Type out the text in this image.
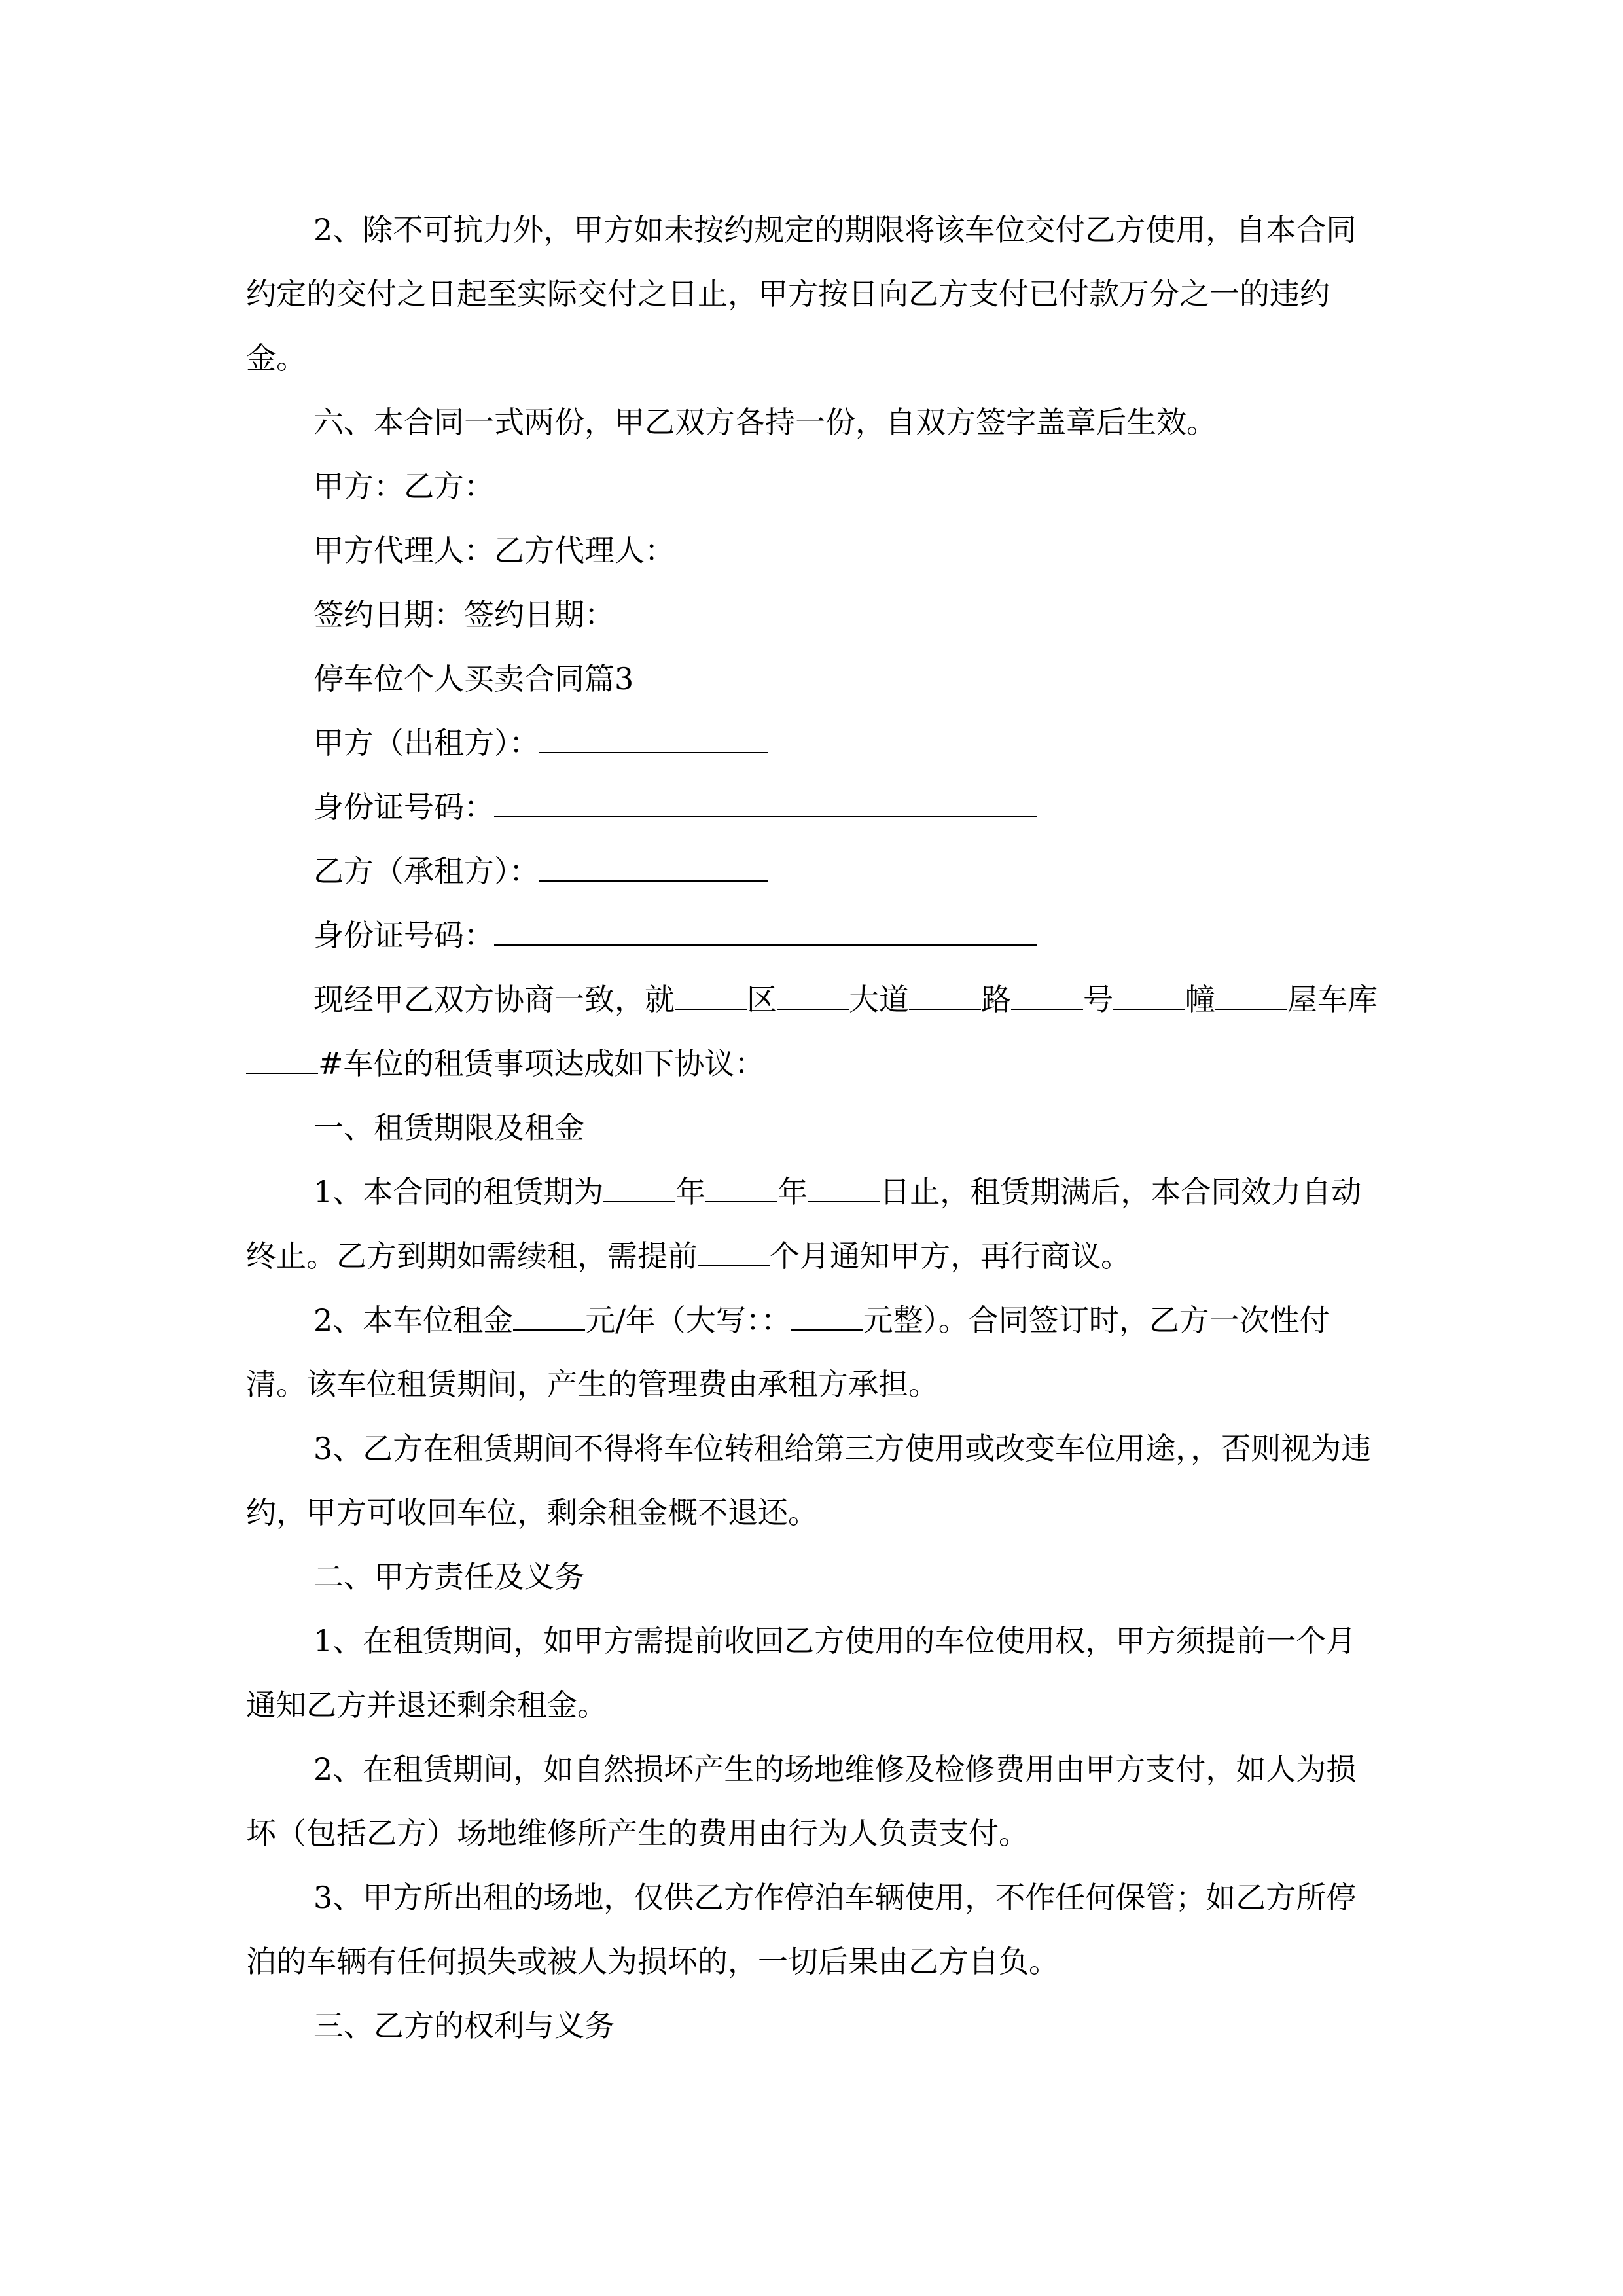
2、除不可抗力外，甲方如未按约规定的期限将该车位交付乙方使用，自本合同约定的交付之日起至实际交付之日止，甲方按日向乙方支付已付款万分之一的违约金。

六、本合同一式两份，甲乙双方各持一份，自双方签字盖章后生效。

甲方：乙方：

甲方代理人：乙方代理人：

签约日期：签约日期：

停车位个人买卖合同篇3

甲方（出租方）：

身份证号码：

乙方（承租方）：

身份证号码：

现经甲乙双方协商一致，就 区 大道 路 号 幢 屋车库#车位的租赁事项达成如下协议：

一、租赁期限及租金

1、本合同的租赁期为 年 年 日止，租赁期满后，本合同效力自动终止。乙方到期如需续租，需提前 个月通知甲方，再行商议。

2、本车位租金 元/年（大写：： 元整）。合同签订时，乙方一次性付清。该车位租赁期间，产生的管理费由承租方承担。

3、乙方在租赁期间不得将车位转租给第三方使用或改变车位用途，，否则视为违约，甲方可收回车位，剩余租金概不退还。

二、甲方责任及义务

1、在租赁期间，如甲方需提前收回乙方使用的车位使用权，甲方须提前一个月通知乙方并退还剩余租金。

2、在租赁期间，如自然损坏产生的场地维修及检修费用由甲方支付，如人为损坏（包括乙方）场地维修所产生的费用由行为人负责支付。

3、甲方所出租的场地，仅供乙方作停泊车辆使用，不作任何保管；如乙方所停泊的车辆有任何损失或被人为损坏的，一切后果由乙方自负。

三、乙方的权利与义务
